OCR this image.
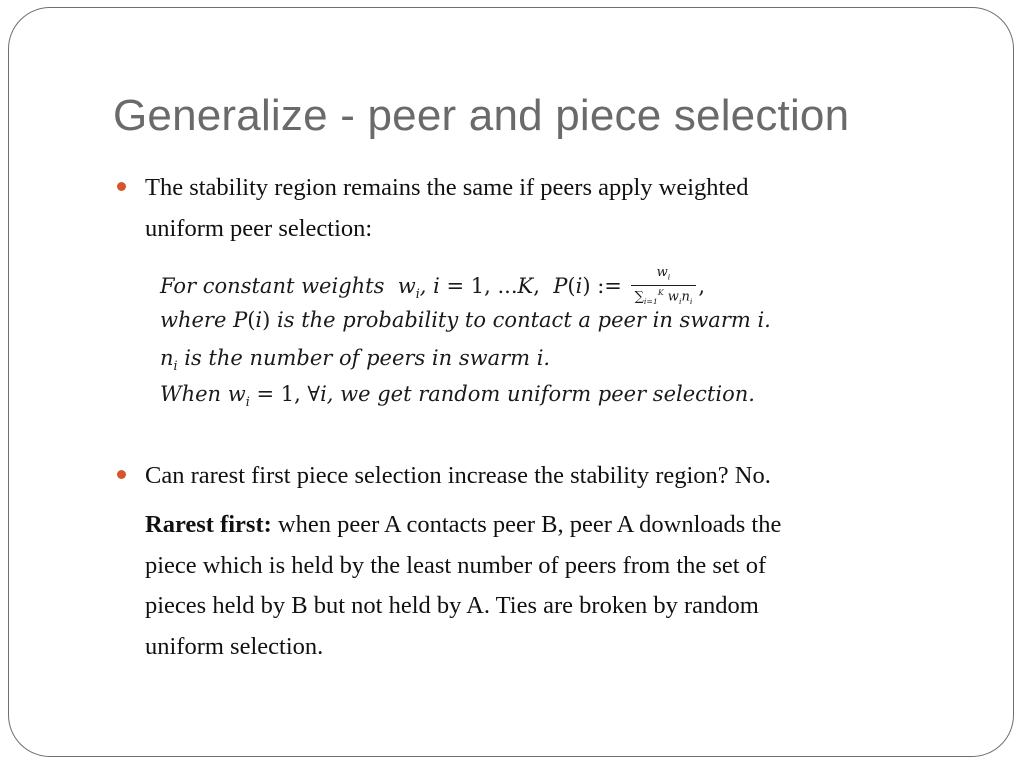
Generalize - peer and piece selection
The stability region remains the same if peers apply weighted
uniform peer selection:
For constant weights  $w_i$, i = 1, ...K,  P(i) := $\frac{w_i}{\sum_{i=1}^K w_in_i}$ ,
where P(i) is the probability to contact a peer in swarm i.
$n_i$ is the number of peers in swarm i.
When $w_i = 1$, ∀i, we get random uniform peer selection.
Can rarest first piece selection increase the stability region? No.
Rarest first: when peer A contacts peer B, peer A downloads the
piece which is held by the least number of peers from the set of
pieces held by B but not held by A. Ties are broken by random
uniform selection.
